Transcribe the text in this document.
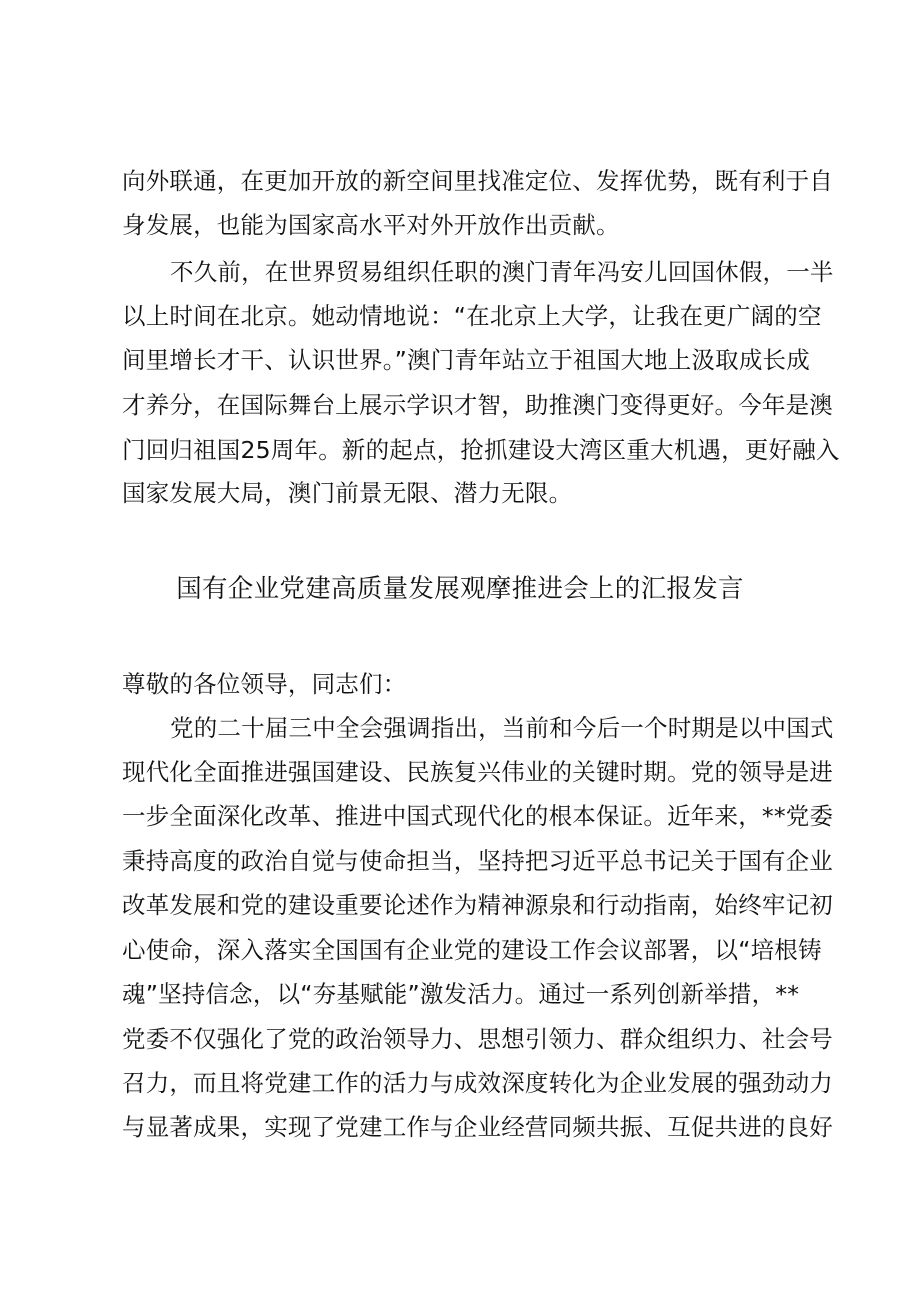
向外联通，在更加开放的新空间里找准定位、发挥优势，既有利于自
身发展，也能为国家高水平对外开放作出贡献。
不久前，在世界贸易组织任职的澳门青年冯安儿回国休假，一半
以上时间在北京。她动情地说：“在北京上大学，让我在更广阔的空
间里增长才干、认识世界。”澳门青年站立于祖国大地上汲取成长成
才养分，在国际舞台上展示学识才智，助推澳门变得更好。今年是澳
门回归祖国25周年。新的起点，抢抓建设大湾区重大机遇，更好融入
国家发展大局，澳门前景无限、潜力无限。
国有企业党建高质量发展观摩推进会上的汇报发言
尊敬的各位领导，同志们：
党的二十届三中全会强调指出，当前和今后一个时期是以中国式
现代化全面推进强国建设、民族复兴伟业的关键时期。党的领导是进
一步全面深化改革、推进中国式现代化的根本保证。近年来，**党委
秉持高度的政治自觉与使命担当，坚持把习近平总书记关于国有企业
改革发展和党的建设重要论述作为精神源泉和行动指南，始终牢记初
心使命，深入落实全国国有企业党的建设工作会议部署，以“培根铸
魂”坚持信念，以“夯基赋能”激发活力。通过一系列创新举措，**
党委不仅强化了党的政治领导力、思想引领力、群众组织力、社会号
召力，而且将党建工作的活力与成效深度转化为企业发展的强劲动力
与显著成果，实现了党建工作与企业经营同频共振、互促共进的良好
